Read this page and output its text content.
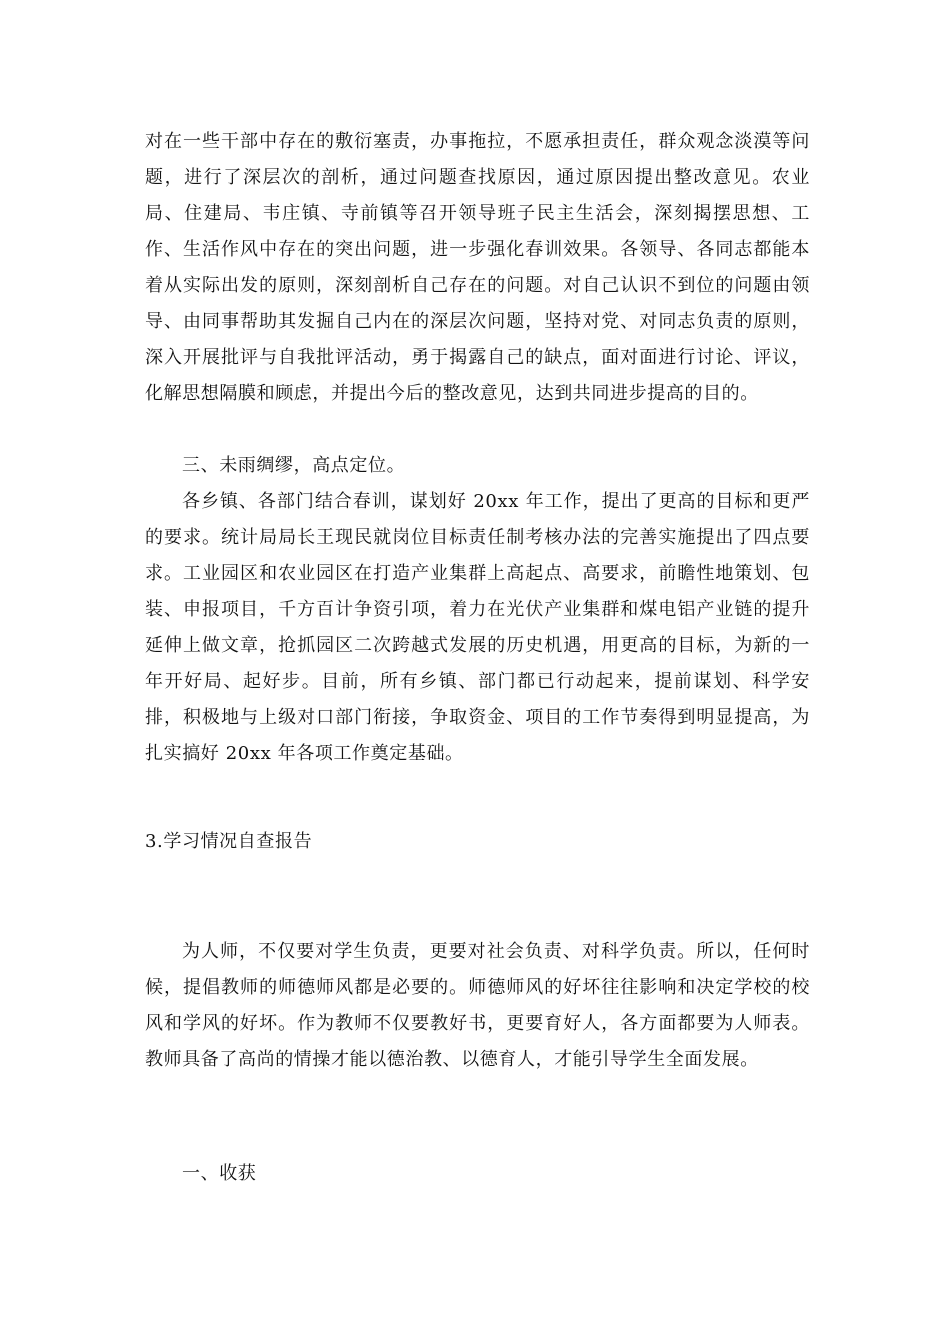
对在一些干部中存在的敷衍塞责，办事拖拉，不愿承担责任，群众观念淡漠等问题，进行了深层次的剖析，通过问题查找原因，通过原因提出整改意见。农业局、住建局、韦庄镇、寺前镇等召开领导班子民主生活会，深刻揭摆思想、工作、生活作风中存在的突出问题，进一步强化春训效果。各领导、各同志都能本着从实际出发的原则，深刻剖析自己存在的问题。对自己认识不到位的问题由领导、由同事帮助其发掘自己内在的深层次问题，坚持对党、对同志负责的原则，深入开展批评与自我批评活动，勇于揭露自己的缺点，面对面进行讨论、评议，化解思想隔膜和顾虑，并提出今后的整改意见，达到共同进步提高的目的。

三、未雨绸缪，高点定位。

各乡镇、各部门结合春训，谋划好 20xx 年工作，提出了更高的目标和更严的要求。统计局局长王现民就岗位目标责任制考核办法的完善实施提出了四点要求。工业园区和农业园区在打造产业集群上高起点、高要求，前瞻性地策划、包装、申报项目，千方百计争资引项，着力在光伏产业集群和煤电铝产业链的提升延伸上做文章，抢抓园区二次跨越式发展的历史机遇，用更高的目标，为新的一年开好局、起好步。目前，所有乡镇、部门都已行动起来，提前谋划、科学安排，积极地与上级对口部门衔接，争取资金、项目的工作节奏得到明显提高，为扎实搞好 20xx 年各项工作奠定基础。

3.学习情况自查报告

为人师，不仅要对学生负责，更要对社会负责、对科学负责。所以，任何时候，提倡教师的师德师风都是必要的。师德师风的好坏往往影响和决定学校的校风和学风的好坏。作为教师不仅要教好书，更要育好人，各方面都要为人师表。教师具备了高尚的情操才能以德治教、以德育人，才能引导学生全面发展。

一、收获
